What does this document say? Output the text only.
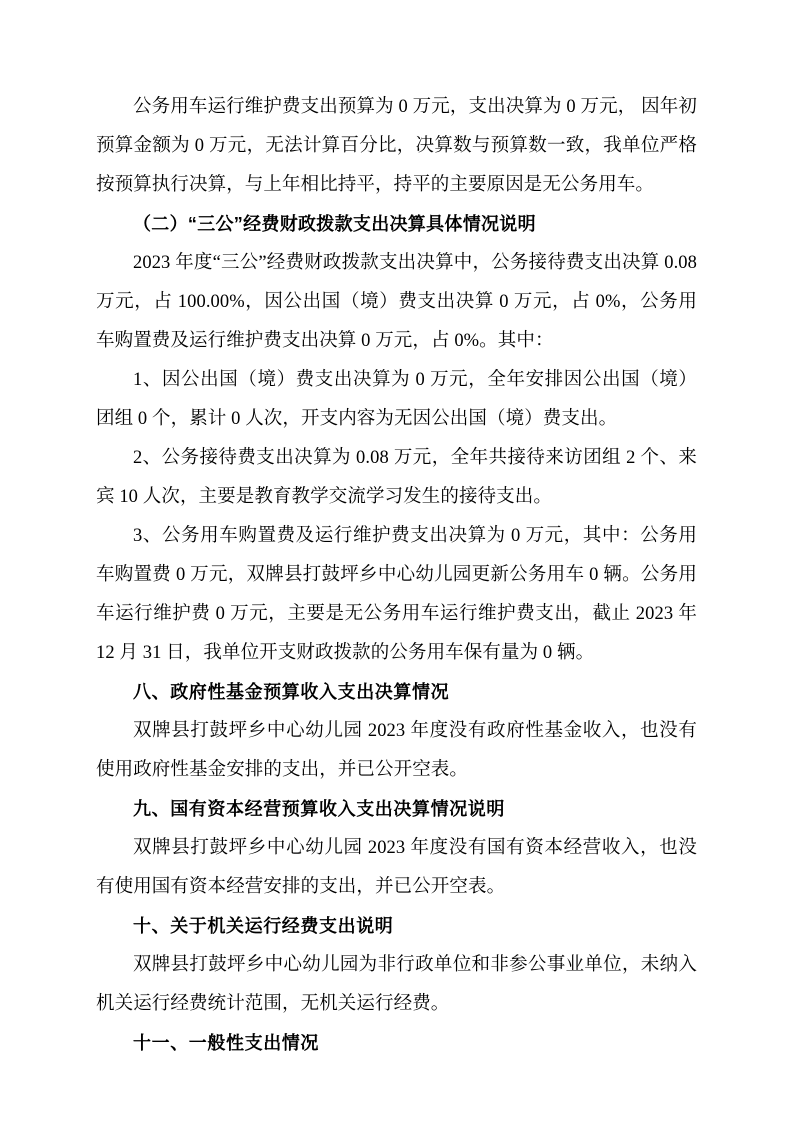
公务用车运行维护费支出预算为 0 万元，支出决算为 0 万元， 因年初预算金额为 0 万元，无法计算百分比，决算数与预算数一致，我单位严格按预算执行决算，与上年相比持平，持平的主要原因是无公务用车。

（二）“三公”经费财政拨款支出决算具体情况说明

2023 年度“三公”经费财政拨款支出决算中，公务接待费支出决算 0.08 万元，占 100.00%，因公出国（境）费支出决算 0 万元，占 0%，公务用车购置费及运行维护费支出决算 0 万元，占 0%。其中：

1、因公出国（境）费支出决算为 0 万元，全年安排因公出国（境）团组 0 个，累计 0 人次，开支内容为无因公出国（境）费支出。

2、公务接待费支出决算为 0.08 万元，全年共接待来访团组 2 个、来宾 10 人次，主要是教育教学交流学习发生的接待支出。

3、公务用车购置费及运行维护费支出决算为 0 万元，其中：公务用车购置费 0 万元，双牌县打鼓坪乡中心幼儿园更新公务用车 0 辆。公务用车运行维护费 0 万元，主要是无公务用车运行维护费支出，截止 2023 年 12 月 31 日，我单位开支财政拨款的公务用车保有量为 0 辆。

八、政府性基金预算收入支出决算情况

双牌县打鼓坪乡中心幼儿园 2023 年度没有政府性基金收入，也没有使用政府性基金安排的支出，并已公开空表。

九、国有资本经营预算收入支出决算情况说明

双牌县打鼓坪乡中心幼儿园 2023 年度没有国有资本经营收入，也没有使用国有资本经营安排的支出，并已公开空表。

十、关于机关运行经费支出说明

双牌县打鼓坪乡中心幼儿园为非行政单位和非参公事业单位，未纳入机关运行经费统计范围，无机关运行经费。

十一、一般性支出情况
